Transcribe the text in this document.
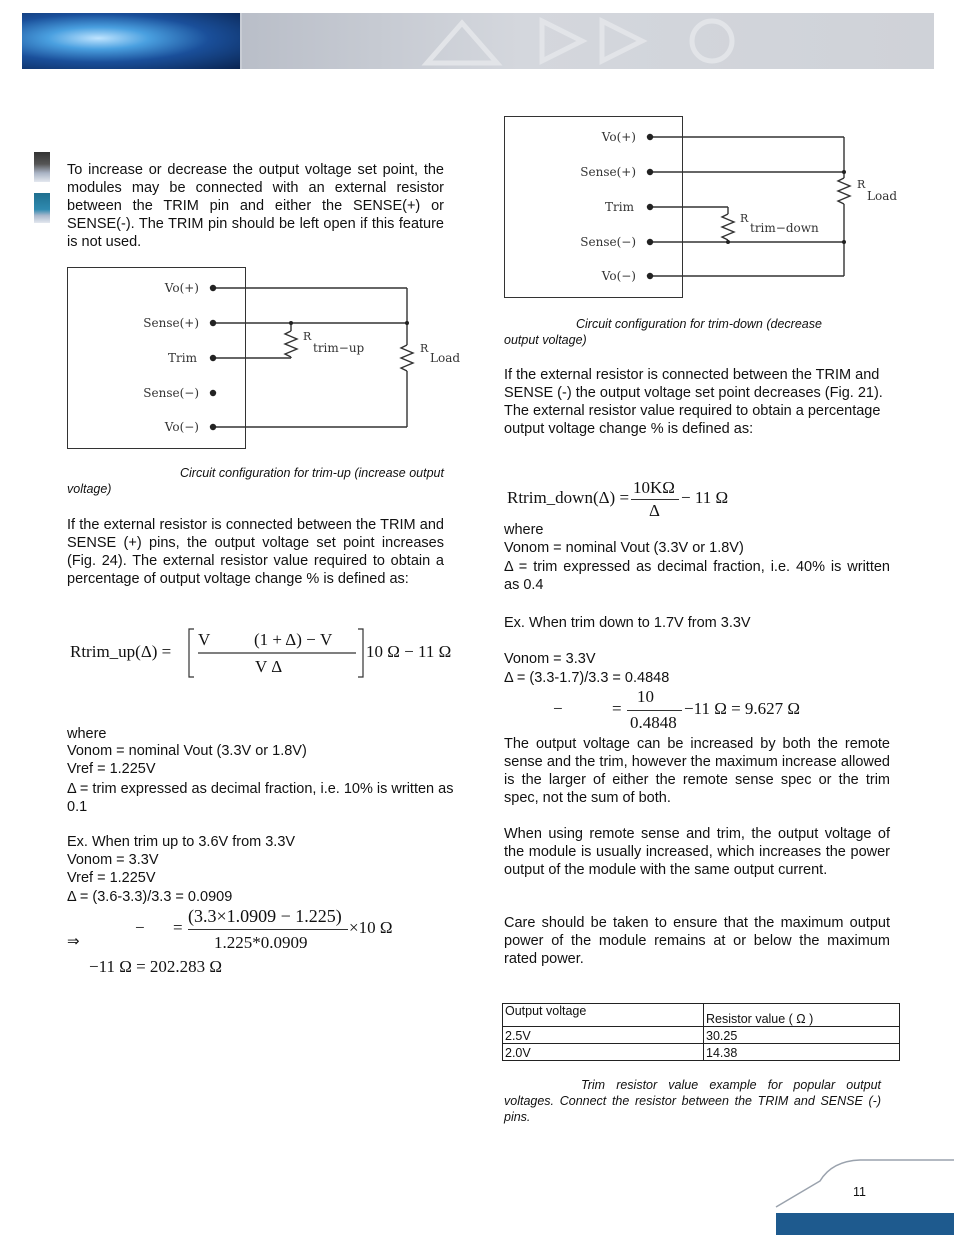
To increase or decrease the output voltage set point, the modules may be connected with an external resistor between the TRIM pin and either the SENSE(+) or SENSE(-). The TRIM pin should be left open if this feature is not used.
Vo(+)
Sense(+)
Trim
Sense(−)
Vo(−)
R
trim−up	R
Load
Circuit configuration for trim-up (increase output
voltage)
If the external resistor is connected between the TRIM and SENSE (+) pins, the output voltage set point increases (Fig. 24). The external resistor value required to obtain a percentage of output voltage change % is defined as:
Rtrim_up(Δ) =
V	(1 + Δ) − V
V Δ
10 Ω − 11 Ω
where
Vonom = nominal Vout (3.3V or 1.8V)
Vref = 1.225V
Δ = trim expressed as decimal fraction, i.e. 10% is written as 0.1
Ex. When trim up to 3.6V from 3.3V
Vonom = 3.3V
Vref = 1.225V
Δ = (3.6-3.3)/3.3 = 0.0909
− =
(3.3×1.0909 − 1.225)
1.225*0.0909
×10 Ω
⇒
−11 Ω = 202.283 Ω
Vo(+)
Sense(+)
Trim
Sense(−)
Vo(−)
R
Load
R
trim−down
Circuit configuration for trim-down (decrease
output voltage)
If the external resistor is connected between the TRIM and SENSE (-) the output voltage set point decreases (Fig. 21). The external resistor value required to obtain a percentage output voltage change % is defined as:
Rtrim_down(Δ) =
10KΩ
Δ
− 11 Ω
where
Vonom = nominal Vout (3.3V or 1.8V)
Δ = trim expressed as decimal fraction, i.e. 40% is written as 0.4
Ex. When trim down to 1.7V from 3.3V
Vonom = 3.3V
Δ = (3.3-1.7)/3.3 = 0.4848
−	=
10
0.4848
−11 Ω = 9.627 Ω
The output voltage can be increased by both the remote sense and the trim, however the maximum increase allowed is the larger of either the remote sense spec or the trim spec, not the sum of both.
When using remote sense and trim, the output voltage of the module is usually increased, which increases the power output of the module with the same output current.
Care should be taken to ensure that the maximum output power of the module remains at or below the maximum rated power.
Output voltage	Resistor value ( Ω )
2.5V	30.25
2.0V	14.38
Trim resistor value example for popular output voltages. Connect the resistor between the TRIM and SENSE (-) pins.
11
